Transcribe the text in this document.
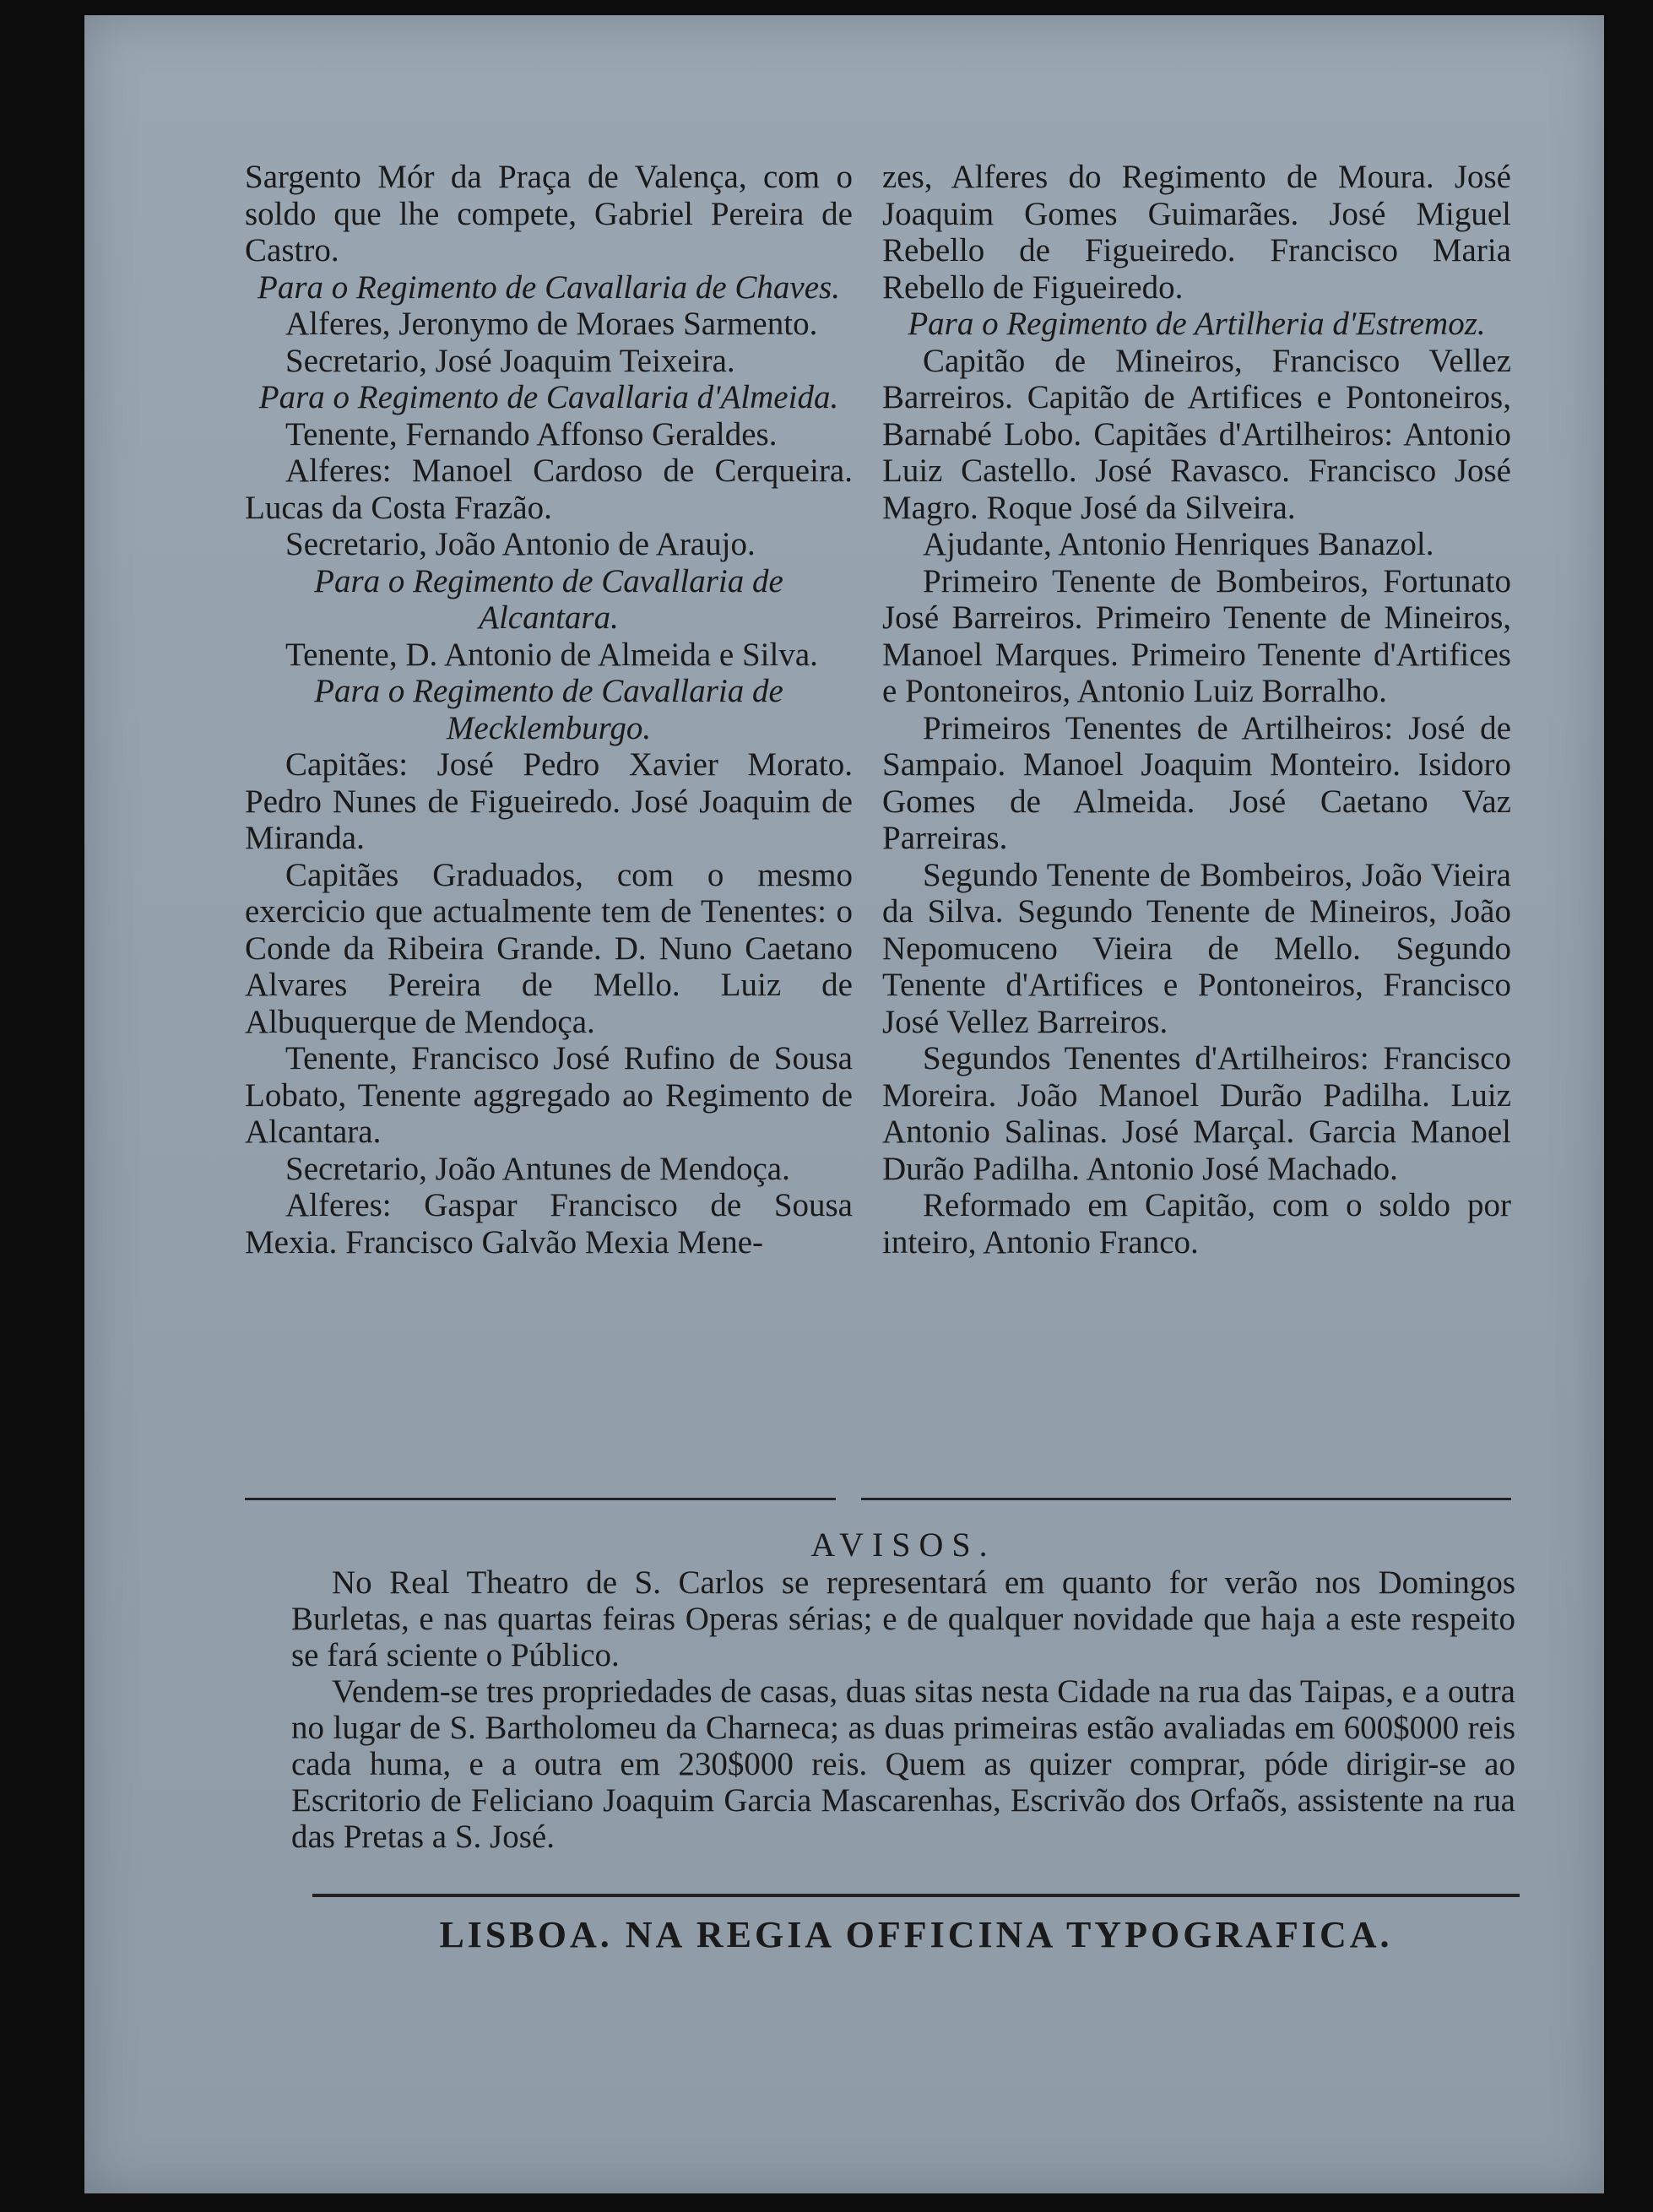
Sargento Mór da Praça de Valença, com o soldo que lhe compete, Gabriel Pereira de Castro.

Para o Regimento de Cavallaria de Chaves.

Alferes, Jeronymo de Moraes Sarmento.

Secretario, José Joaquim Teixeira.

Para o Regimento de Cavallaria d'Almeida.

Tenente, Fernando Affonso Geraldes.

Alferes: Manoel Cardoso de Cerqueira. Lucas da Costa Frazão.

Secretario, João Antonio de Araujo.

Para o Regimento de Cavallaria de Alcantara.

Tenente, D. Antonio de Almeida e Silva.

Para o Regimento de Cavallaria de Mecklemburgo.

Capitães: José Pedro Xavier Morato. Pedro Nunes de Figueiredo. José Joaquim de Miranda.

Capitães Graduados, com o mesmo exercicio que actualmente tem de Tenentes: o Conde da Ribeira Grande. D. Nuno Caetano Alvares Pereira de Mello. Luiz de Albuquerque de Mendoça.

Tenente, Francisco José Rufino de Sousa Lobato, Tenente aggregado ao Regimento de Alcantara.

Secretario, João Antunes de Mendoça.

Alferes: Gaspar Francisco de Sousa Mexia. Francisco Galvão Mexia Mene-

zes, Alferes do Regimento de Moura. José Joaquim Gomes Guimarães. José Miguel Rebello de Figueiredo. Francisco Maria Rebello de Figueiredo.

Para o Regimento de Artilheria d'Estremoz.

Capitão de Mineiros, Francisco Vellez Barreiros. Capitão de Artifices e Pontoneiros, Barnabé Lobo. Capitães d'Artilheiros: Antonio Luiz Castello. José Ravasco. Francisco José Magro. Roque José da Silveira.

Ajudante, Antonio Henriques Banazol.

Primeiro Tenente de Bombeiros, Fortunato José Barreiros. Primeiro Tenente de Mineiros, Manoel Marques. Primeiro Tenente d'Artifices e Pontoneiros, Antonio Luiz Borralho.

Primeiros Tenentes de Artilheiros: José de Sampaio. Manoel Joaquim Monteiro. Isidoro Gomes de Almeida. José Caetano Vaz Parreiras.

Segundo Tenente de Bombeiros, João Vieira da Silva. Segundo Tenente de Mineiros, João Nepomuceno Vieira de Mello. Segundo Tenente d'Artifices e Pontoneiros, Francisco José Vellez Barreiros.

Segundos Tenentes d'Artilheiros: Francisco Moreira. João Manoel Durão Padilha. Luiz Antonio Salinas. José Marçal. Garcia Manoel Durão Padilha. Antonio José Machado.

Reformado em Capitão, com o soldo por inteiro, Antonio Franco.

AVISOS.

No Real Theatro de S. Carlos se representará em quanto for verão nos Domingos Burletas, e nas quartas feiras Operas sérias; e de qualquer novidade que haja a este respeito se fará sciente o Público.

Vendem-se tres propriedades de casas, duas sitas nesta Cidade na rua das Taipas, e a outra no lugar de S. Bartholomeu da Charneca; as duas primeiras estão avaliadas em 600$000 reis cada huma, e a outra em 230$000 reis. Quem as quizer comprar, póde dirigir-se ao Escritorio de Feliciano Joaquim Garcia Mascarenhas, Escrivão dos Orfaõs, assistente na rua das Pretas a S. José.

LISBOA. NA REGIA OFFICINA TYPOGRAFICA.
